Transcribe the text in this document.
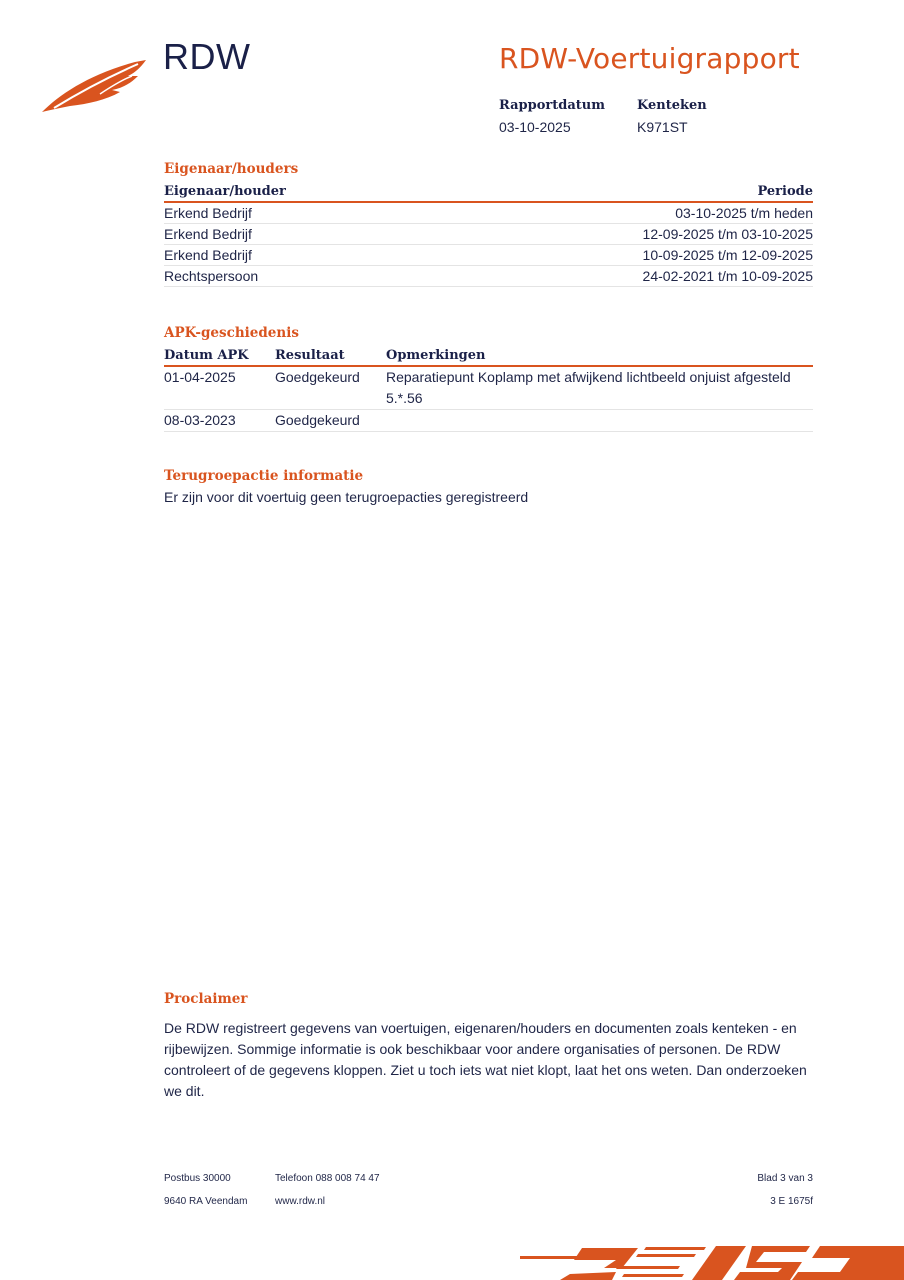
RDW	RDW-Voertuigrapport
Rapportdatum
03-10-2025
Kenteken
K971ST
Eigenaar/houders
Eigenaar/houder	Periode
Erkend Bedrijf	03-10-2025 t/m heden
Erkend Bedrijf	12-09-2025 t/m 03-10-2025
Erkend Bedrijf	10-09-2025 t/m 12-09-2025
Rechtspersoon	24-02-2021 t/m 10-09-2025
APK-geschiedenis
Datum APK	Resultaat	Opmerkingen
01-04-2025	Goedgekeurd	Reparatiepunt Koplamp met afwijkend lichtbeeld onjuist afgesteld
5.*.56

08-03-2023	Goedgekeurd	
Terugroepactie informatie
Er zijn voor dit voertuig geen terugroepacties geregistreerd
Proclaimer
De RDW registreert gegevens van voertuigen, eigenaren/houders en documenten zoals kenteken - en
rijbewijzen. Sommige informatie is ook beschikbaar voor andere organisaties of personen. De RDW
controleert of de gegevens kloppen. Ziet u toch iets wat niet klopt, laat het ons weten. Dan onderzoeken
we dit.
Postbus 30000
9640 RA Veendam
Telefoon 088 008 74 47
www.rdw.nl
Blad 3 van 3
3 E 1675f
